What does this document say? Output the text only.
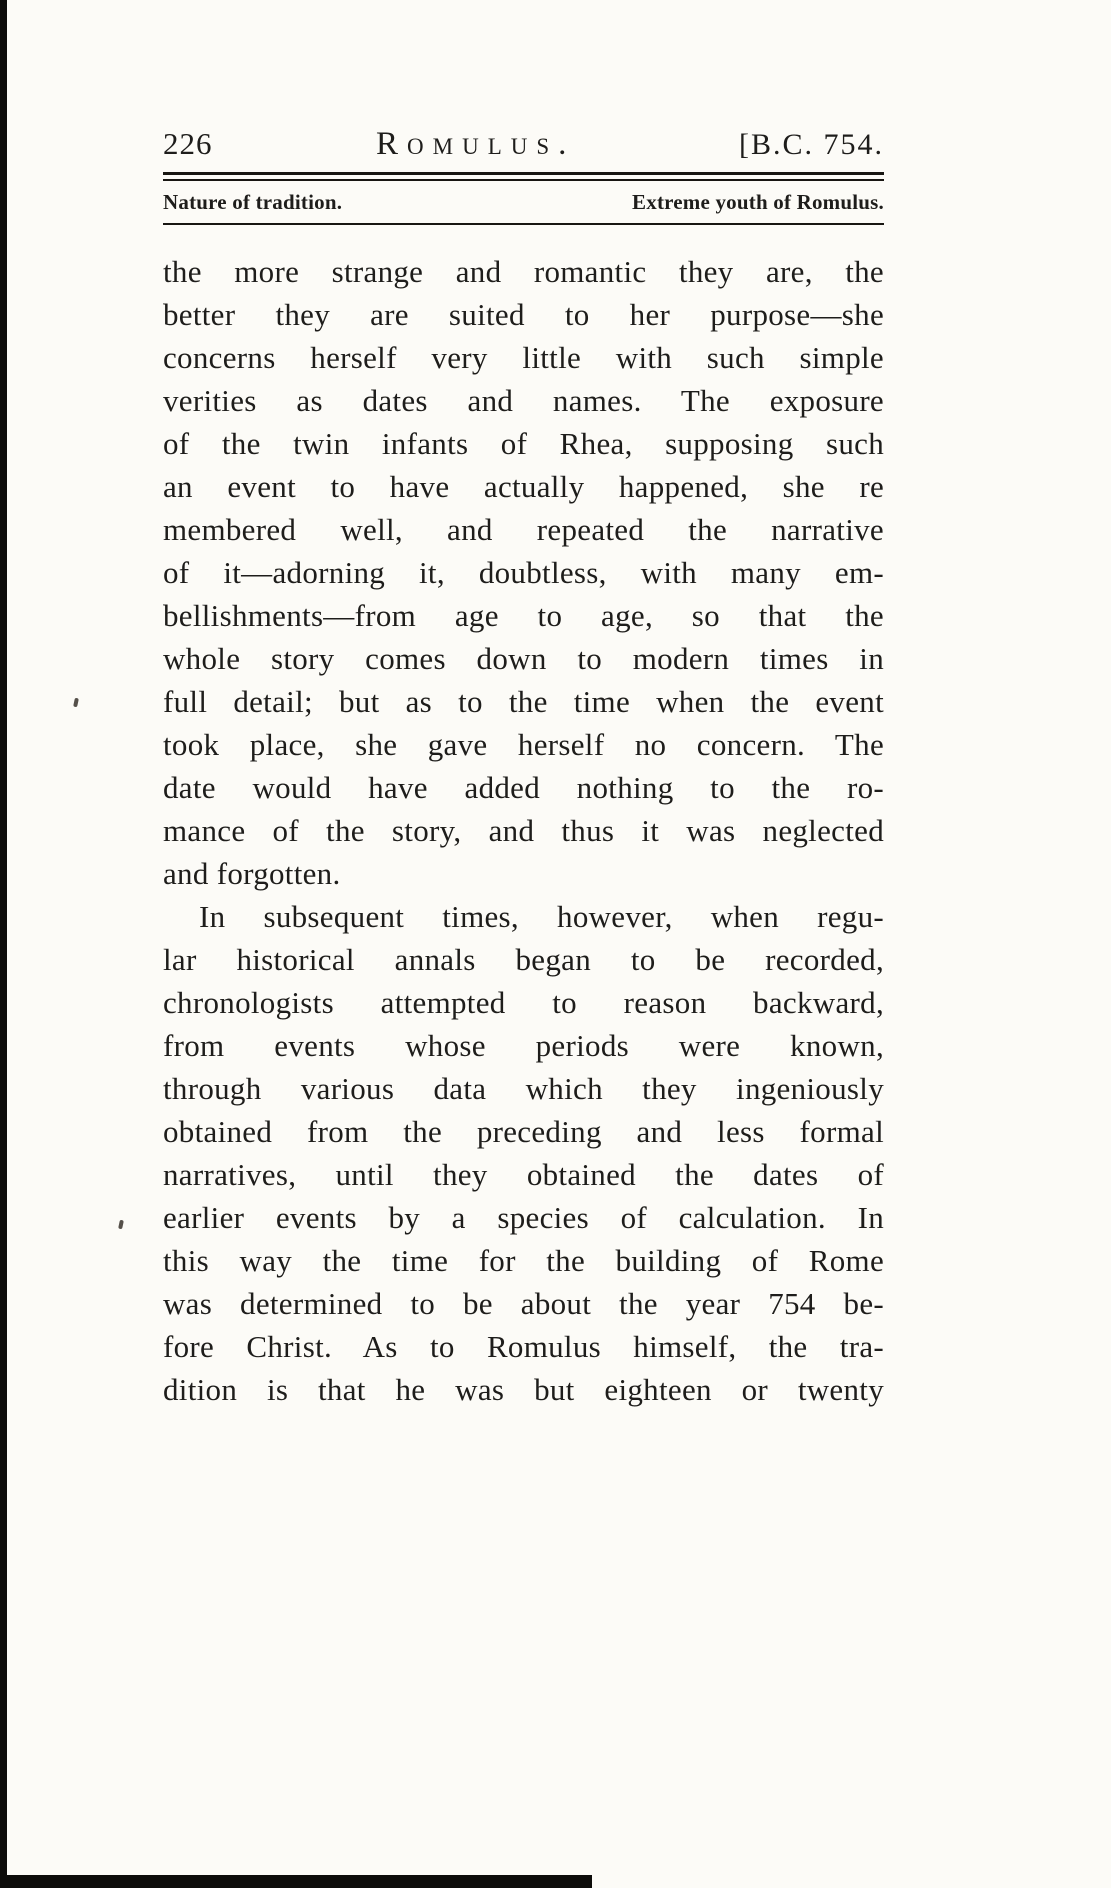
226	Romulus.	[B.C. 754.
Nature of tradition.	Extreme youth of Romulus.
the more strange and romantic they are, the
better they are suited to her purpose—she
concerns herself very little with such simple
verities as dates and names. The exposure
of the twin infants of Rhea, supposing such
an event to have actually happened, she re
membered well, and repeated the narrative
of it—adorning it, doubtless, with many em-
bellishments—from age to age, so that the
whole story comes down to modern times in
full detail; but as to the time when the event
took place, she gave herself no concern. The
date would have added nothing to the ro-
mance of the story, and thus it was neglected
and forgotten.
In subsequent times, however, when regu-
lar historical annals began to be recorded,
chronologists attempted to reason backward,
from events whose periods were known,
through various data which they ingeniously
obtained from the preceding and less formal
narratives, until they obtained the dates of
earlier events by a species of calculation. In
this way the time for the building of Rome
was determined to be about the year 754 be-
fore Christ. As to Romulus himself, the tra-
dition is that he was but eighteen or twenty
